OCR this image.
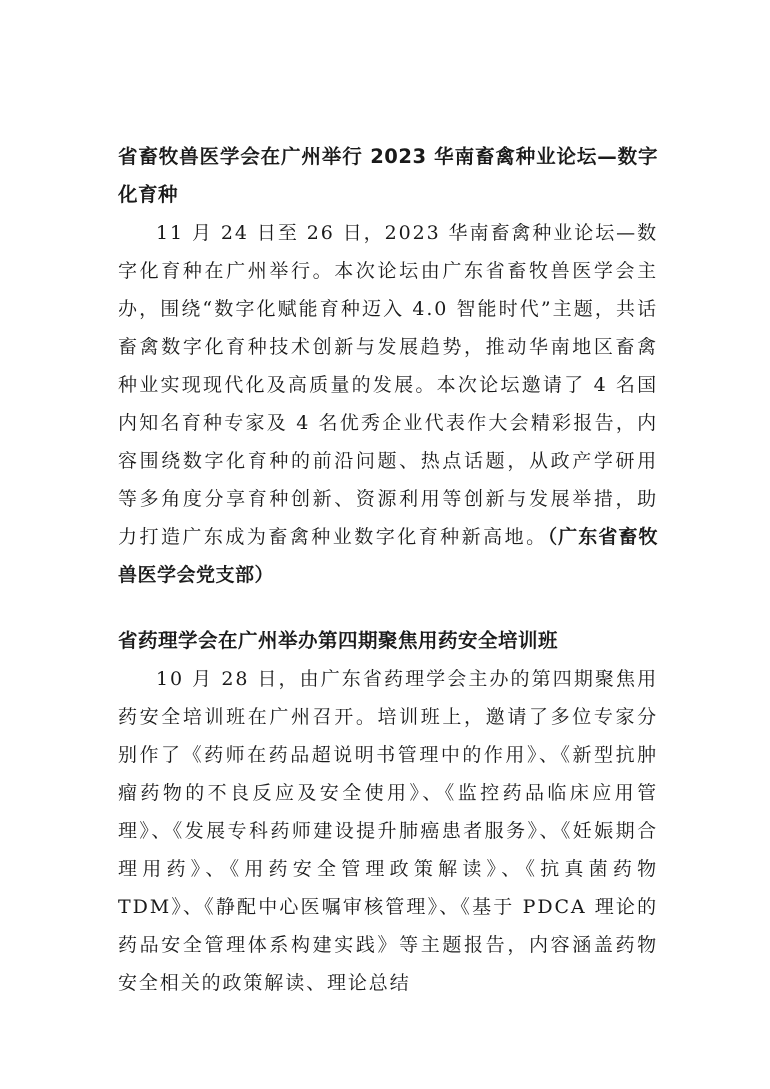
省畜牧兽医学会在广州举行 2023 华南畜禽种业论坛—数字化育种

11 月 24 日至 26 日，2023 华南畜禽种业论坛—数字化育种在广州举行。本次论坛由广东省畜牧兽医学会主办，围绕“数字化赋能育种迈入 4.0 智能时代”主题，共话畜禽数字化育种技术创新与发展趋势，推动华南地区畜禽种业实现现代化及高质量的发展。本次论坛邀请了 4 名国内知名育种专家及 4 名优秀企业代表作大会精彩报告，内容围绕数字化育种的前沿问题、热点话题，从政产学研用等多角度分享育种创新、资源利用等创新与发展举措，助力打造广东成为畜禽种业数字化育种新高地。（广东省畜牧兽医学会党支部）

省药理学会在广州举办第四期聚焦用药安全培训班

10 月 28 日，由广东省药理学会主办的第四期聚焦用药安全培训班在广州召开。培训班上，邀请了多位专家分别作了《药师在药品超说明书管理中的作用》、《新型抗肿瘤药物的不良反应及安全使用》、《监控药品临床应用管理》、《发展专科药师建设提升肺癌患者服务》、《妊娠期合理用药》、《用药安全管理政策解读》、《抗真菌药物 TDM》、《静配中心医嘱审核管理》、《基于 PDCA 理论的药品安全管理体系构建实践》等主题报告，内容涵盖药物安全相关的政策解读、理论总结
